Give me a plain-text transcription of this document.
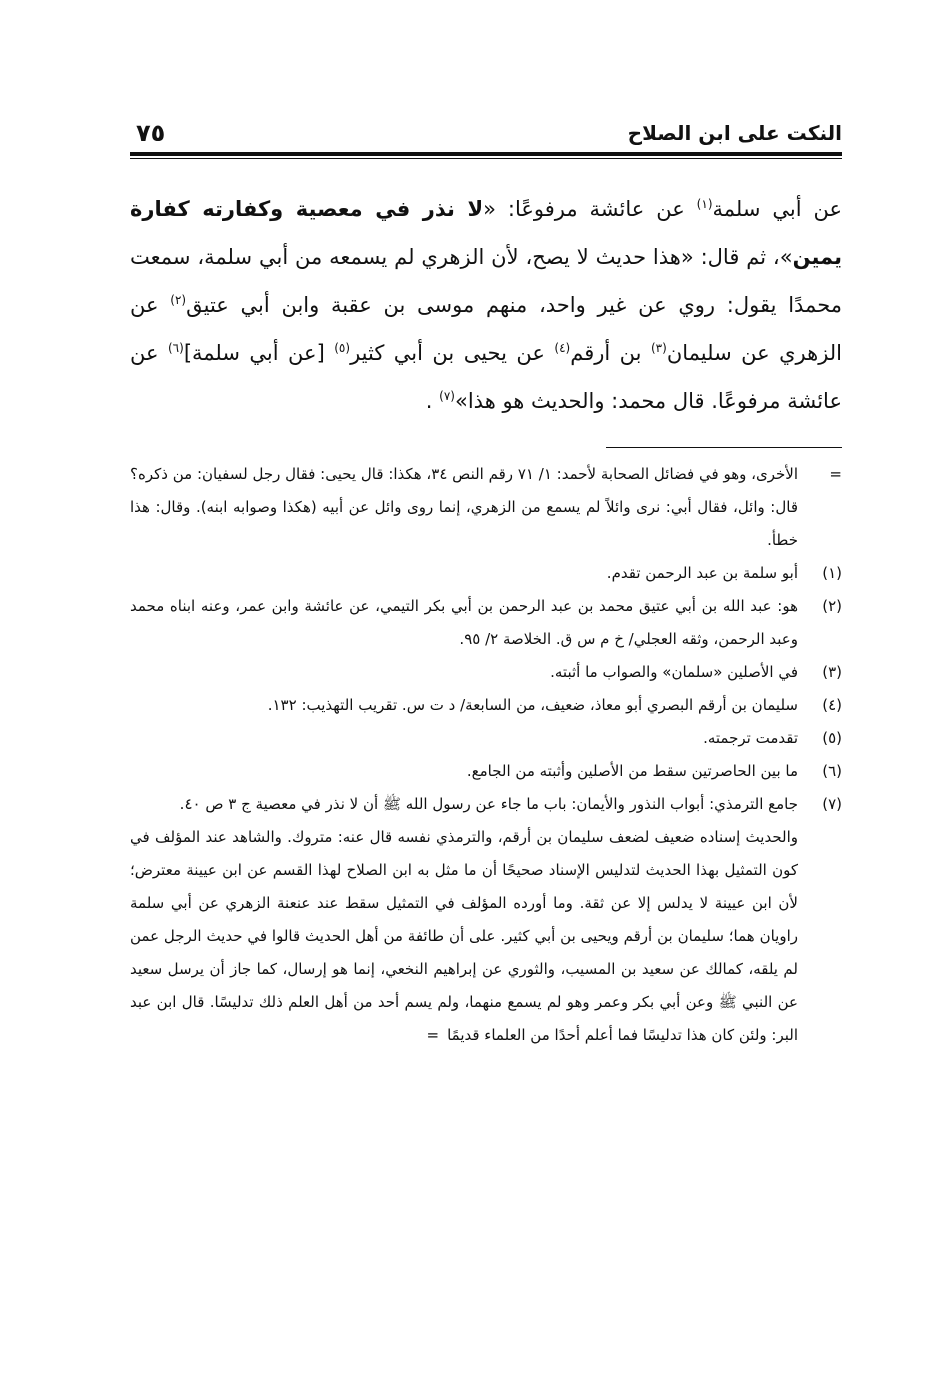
النكت على ابن الصلاح
٧٥

عن أبي سلمة$^{(١)}$ عن عائشة مرفوعًا: «لا نذر في معصية وكفارته كفارة يمين»، ثم قال: «هذا حديث لا يصح، لأن الزهري لم يسمعه من أبي سلمة، سمعت محمدًا يقول: روي عن غير واحد، منهم موسى بن عقبة وابن أبي عتيق$^{(٢)}$ عن الزهري عن سليمان$^{(٣)}$ بن أرقم$^{(٤)}$ عن يحيى بن أبي كثير$^{(٥)}$ [عن أبي سلمة]$^{(٦)}$ عن عائشة مرفوعًا. قال محمد: والحديث هو هذا»$^{(٧)}$ .

=
الأخرى، وهو في فضائل الصحابة لأحمد: ١/ ٧١ رقم النص ٣٤، هكذا: قال يحيى: فقال رجل لسفيان: من ذكره؟ قال: وائل، فقال أبي: نرى وائلاً لم يسمع من الزهري، إنما روى وائل عن أبيه (هكذا وصوابه ابنه). وقال: هذا خطأ.
(١)
أبو سلمة بن عبد الرحمن تقدم.
(٢)
هو: عبد الله بن أبي عتيق محمد بن عبد الرحمن بن أبي بكر التيمي، عن عائشة وابن عمر، وعنه ابناه محمد وعبد الرحمن، وثقه العجلي/ خ م س ق. الخلاصة ٢/ ٩٥.
(٣)
في الأصلين «سلمان» والصواب ما أثبته.
(٤)
سليمان بن أرقم البصري أبو معاذ، ضعيف، من السابعة/ د ت س. تقريب التهذيب: ١٣٢.
(٥)
تقدمت ترجمته.
(٦)
ما بين الحاصرتين سقط من الأصلين وأثبته من الجامع.
(٧)
جامع الترمذي: أبواب النذور والأيمان: باب ما جاء عن رسول الله ﷺ أن لا نذر في معصية ج ٣ ص ٤٠.
والحديث إسناده ضعيف لضعف سليمان بن أرقم، والترمذي نفسه قال عنه: متروك. والشاهد عند المؤلف في كون التمثيل بهذا الحديث لتدليس الإسناد صحيحًا أن ما مثل به ابن الصلاح لهذا القسم عن ابن عيينة معترض؛ لأن ابن عيينة لا يدلس إلا عن ثقة. وما أورده المؤلف في التمثيل سقط عند عنعنة الزهري عن أبي سلمة راويان هما؛ سليمان بن أرقم ويحيى بن أبي كثير. على أن طائفة من أهل الحديث قالوا في حديث الرجل عمن لم يلقه، كمالك عن سعيد بن المسيب، والثوري عن إبراهيم النخعي، إنما هو إرسال، كما جاز أن يرسل سعيد عن النبي ﷺ وعن أبي بكر وعمر وهو لم يسمع منهما، ولم يسم أحد من أهل العلم ذلك تدليسًا. قال ابن عبد البر: ولئن كان هذا تدليسًا فما أعلم أحدًا من العلماء قديمًا=
